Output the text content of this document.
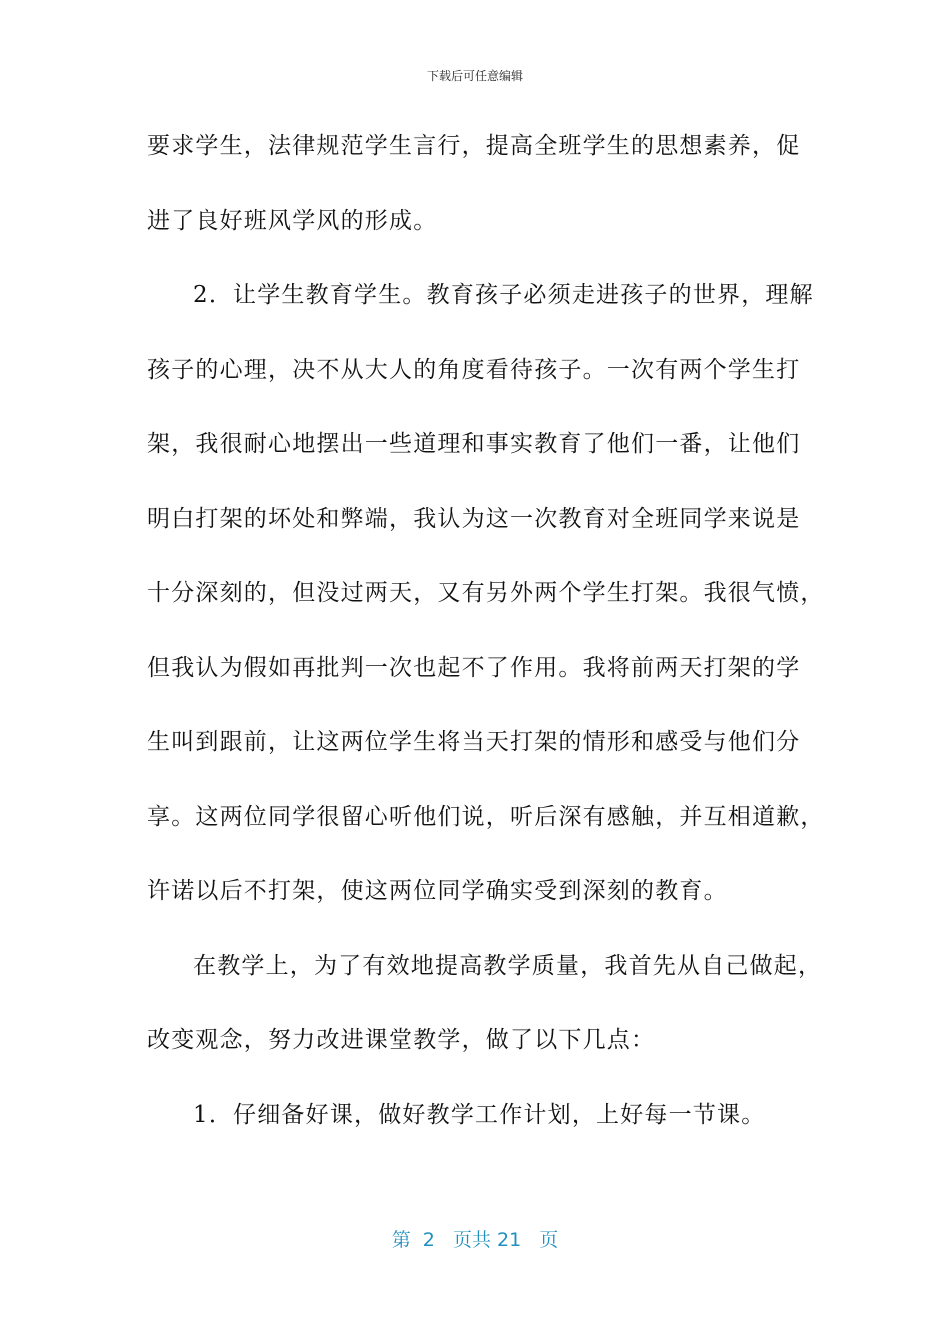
下载后可任意编辑
要求学生，法律规范学生言行，提高全班学生的思想素养，促
进了良好班风学风的形成。
2．让学生教育学生。教育孩子必须走进孩子的世界，理解
孩子的心理，决不从大人的角度看待孩子。一次有两个学生打
架，我很耐心地摆出一些道理和事实教育了他们一番，让他们
明白打架的坏处和弊端，我认为这一次教育对全班同学来说是
十分深刻的，但没过两天，又有另外两个学生打架。我很气愤，
但我认为假如再批判一次也起不了作用。我将前两天打架的学
生叫到跟前，让这两位学生将当天打架的情形和感受与他们分
享。这两位同学很留心听他们说，听后深有感触，并互相道歉，
许诺以后不打架，使这两位同学确实受到深刻的教育。
在教学上，为了有效地提高教学质量，我首先从自己做起，
改变观念，努力改进课堂教学，做了以下几点：
1．仔细备好课，做好教学工作计划，上好每一节课。
第  2   页共 21   页
